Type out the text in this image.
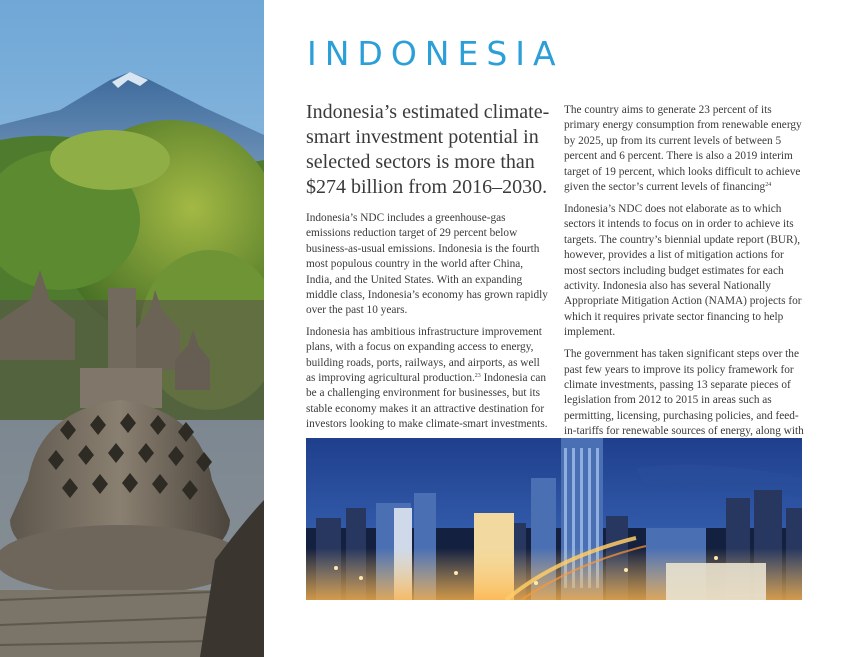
INDONESIA

Indonesia’s estimated climate-smart investment potential in selected sectors is more than $274 billion from 2016–2030.

Indonesia’s NDC includes a greenhouse-gas emissions reduction target of 29 percent below business-as-usual emissions. Indonesia is the fourth most populous country in the world after China, India, and the United States. With an expanding middle class, Indonesia’s economy has grown rapidly over the past 10 years.

Indonesia has ambitious infrastructure improvement plans, with a focus on expanding access to energy, building roads, ports, railways, and airports, as well as improving agricultural production.$^{23}$ Indonesia can be a challenging environment for businesses, but its stable economy makes it an attractive destination for investors looking to make climate-smart investments.

The country aims to generate 23 percent of its primary energy consumption from renewable energy by 2025, up from its current levels of between 5 percent and 6 percent. There is also a 2019 interim target of 19 percent, which looks difficult to achieve given the sector’s current levels of financing$^{24}$

Indonesia’s NDC does not elaborate as to which sectors it intends to focus on in order to achieve its targets. The country’s biennial update report (BUR), however, provides a list of mitigation actions for most sectors including budget estimates for each activity. Indonesia also has several Nationally Appropriate Mitigation Action (NAMA) projects for which it requires private sector financing to help implement.

The government has taken significant steps over the past few years to improve its policy framework for climate investments, passing 13 separate pieces of legislation from 2012 to 2015 in areas such as permitting, licensing, purchasing policies, and feed-in-tariffs for renewable sources of energy, along with
